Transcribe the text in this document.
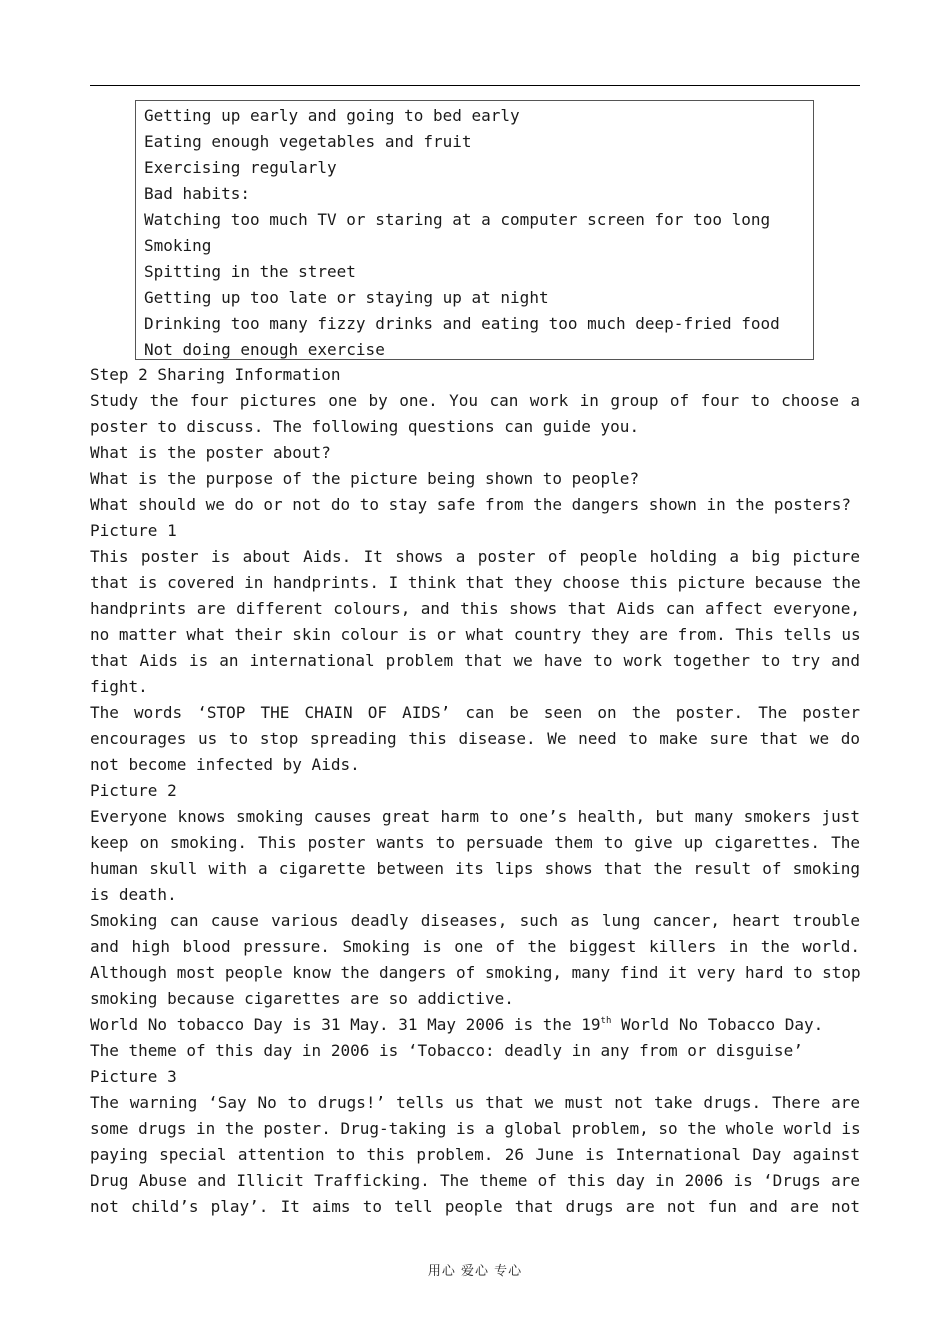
Getting up early and going to bed early
Eating enough vegetables and fruit
Exercising regularly
Bad habits:
Watching too much TV or staring at a computer screen for too long
Smoking
Spitting in the street
Getting up too late or staying up at night
Drinking too many fizzy drinks and eating too much deep-fried food
Not doing enough exercise
Step 2 Sharing Information
Study the four pictures one by one. You can work in group of four to choose a
poster to discuss. The following questions can guide you.
What is the poster about?
What is the purpose of the picture being shown to people?
What should we do or not do to stay safe from the dangers shown in the posters?
Picture 1
This poster is about Aids. It shows a poster of people holding a big picture
that is covered in handprints. I think that they choose this picture because the
handprints are different colours, and this shows that Aids can affect everyone,
no matter what their skin colour is or what country they are from. This tells us
that Aids is an international problem that we have to work together to try and
fight.
The words ‘STOP THE CHAIN OF AIDS’ can be seen on the poster. The poster
encourages us to stop spreading this disease. We need to make sure that we do
not become infected by Aids.
Picture 2
Everyone knows smoking causes great harm to one’s health, but many smokers just
keep on smoking. This poster wants to persuade them to give up cigarettes. The
human skull with a cigarette between its lips shows that the result of smoking
is death.
Smoking can cause various deadly diseases, such as lung cancer, heart trouble
and high blood pressure. Smoking is one of the biggest killers in the world.
Although most people know the dangers of smoking, many find it very hard to stop
smoking because cigarettes are so addictive.
World No tobacco Day is 31 May. 31 May 2006 is the 19th World No Tobacco Day.
The theme of this day in 2006 is ‘Tobacco: deadly in any from or disguise’
Picture 3
The warning ‘Say No to drugs!’ tells us that we must not take drugs. There are
some drugs in the poster. Drug-taking is a global problem, so the whole world is
paying special attention to this problem. 26 June is International Day against
Drug Abuse and Illicit Trafficking. The theme of this day in 2006 is ‘Drugs are
not child’s play’. It aims to tell people that drugs are not fun and are not
用心 爱心 专心
